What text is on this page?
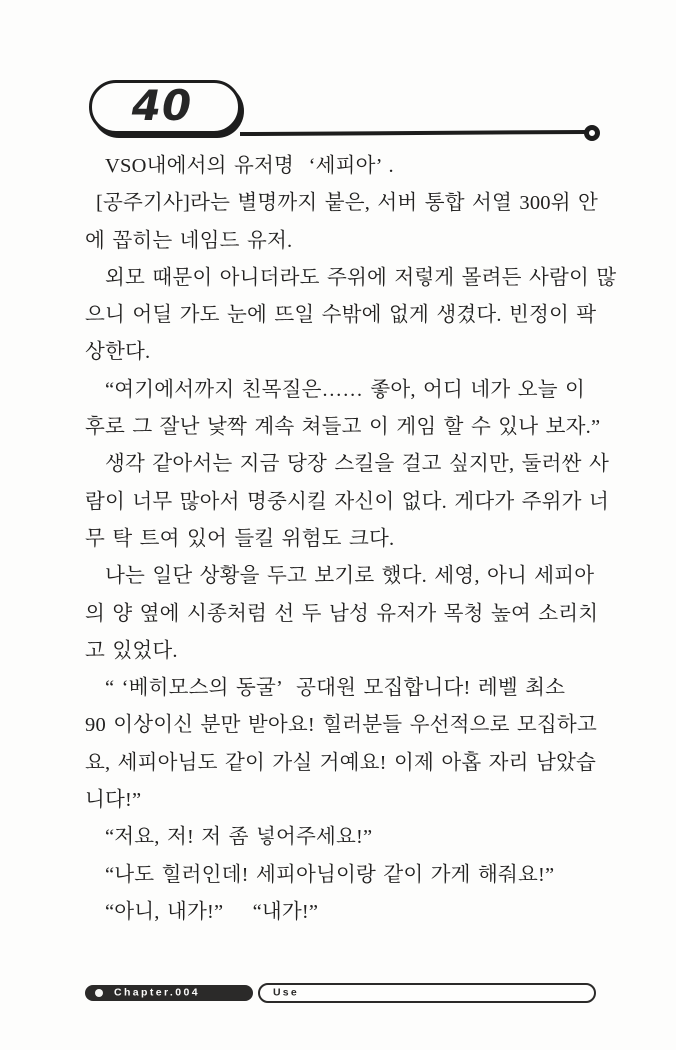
40
VSO내에서의 유저명  ‘세피아’ .
[공주기사]라는 별명까지 붙은, 서버 통합 서열 300위 안
에 꼽히는 네임드 유저.
외모 때문이 아니더라도 주위에 저렇게 몰려든 사람이 많
으니 어딜 가도 눈에 뜨일 수밖에 없게 생겼다. 빈정이 팍
상한다.
“여기에서까지 친목질은…… 좋아, 어디 네가 오늘 이
후로 그 잘난 낯짝 계속 쳐들고 이 게임 할 수 있나 보자.”
생각 같아서는 지금 당장 스킬을 걸고 싶지만, 둘러싼 사
람이 너무 많아서 명중시킬 자신이 없다. 게다가 주위가 너
무 탁 트여 있어 들킬 위험도 크다.
나는 일단 상황을 두고 보기로 했다. 세영, 아니 세피아
의 양 옆에 시종처럼 선 두 남성 유저가 목청 높여 소리치
고 있었다.
“ ‘베히모스의 동굴’  공대원 모집합니다! 레벨 최소
90 이상이신 분만 받아요! 힐러분들 우선적으로 모집하고
요, 세피아님도 같이 가실 거예요! 이제 아홉 자리 남았습
니다!”
“저요, 저! 저 좀 넣어주세요!”
“나도 힐러인데! 세피아님이랑 같이 가게 해줘요!”
“아니, 내가!”    “내가!”
Chapter.004	Use
